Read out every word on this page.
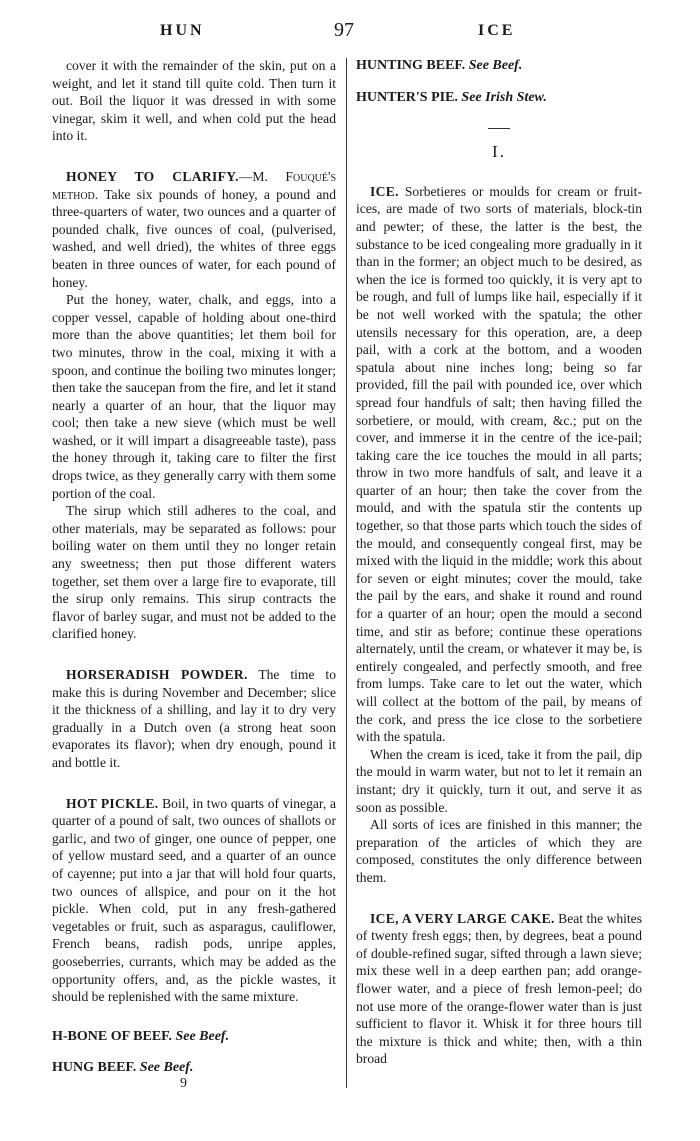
HUN	97	ICE

cover it with the remainder of the skin, put on a weight, and let it stand till quite cold. Then turn it out. Boil the liquor it was dressed in with some vinegar, skim it well, and when cold put the head into it.

HONEY TO CLARIFY.—M. Fouqué's method. Take six pounds of honey, a pound and three-quarters of water, two ounces and a quarter of pounded chalk, five ounces of coal, (pulverised, washed, and well dried), the whites of three eggs beaten in three ounces of water, for each pound of honey.

Put the honey, water, chalk, and eggs, into a copper vessel, capable of holding about one-third more than the above quantities; let them boil for two minutes, throw in the coal, mixing it with a spoon, and continue the boiling two minutes longer; then take the saucepan from the fire, and let it stand nearly a quarter of an hour, that the liquor may cool; then take a new sieve (which must be well washed, or it will impart a disagreeable taste), pass the honey through it, taking care to filter the first drops twice, as they generally carry with them some portion of the coal.

The sirup which still adheres to the coal, and other materials, may be separated as follows: pour boiling water on them until they no longer retain any sweetness; then put those different waters together, set them over a large fire to evaporate, till the sirup only remains. This sirup contracts the flavor of barley sugar, and must not be added to the clarified honey.

HORSERADISH POWDER. The time to make this is during November and December; slice it the thickness of a shilling, and lay it to dry very gradually in a Dutch oven (a strong heat soon evaporates its flavor); when dry enough, pound it and bottle it.

HOT PICKLE. Boil, in two quarts of vinegar, a quarter of a pound of salt, two ounces of shallots or garlic, and two of ginger, one ounce of pepper, one of yellow mustard seed, and a quarter of an ounce of cayenne; put into a jar that will hold four quarts, two ounces of allspice, and pour on it the hot pickle. When cold, put in any fresh-gathered vegetables or fruit, such as asparagus, cauliflower, French beans, radish pods, unripe apples, gooseberries, currants, which may be added as the opportunity offers, and, as the pickle wastes, it should be replenished with the same mixture.

H-BONE OF BEEF. See Beef.

HUNG BEEF. See Beef.

9

HUNTING BEEF. See Beef.

HUNTER'S PIE. See Irish Stew.

I.

ICE. Sorbetieres or moulds for cream or fruit-ices, are made of two sorts of materials, block-tin and pewter; of these, the latter is the best, the substance to be iced congealing more gradually in it than in the former; an object much to be desired, as when the ice is formed too quickly, it is very apt to be rough, and full of lumps like hail, especially if it be not well worked with the spatula; the other utensils necessary for this operation, are, a deep pail, with a cork at the bottom, and a wooden spatula about nine inches long; being so far provided, fill the pail with pounded ice, over which spread four handfuls of salt; then having filled the sorbetiere, or mould, with cream, &c.; put on the cover, and immerse it in the centre of the ice-pail; taking care the ice touches the mould in all parts; throw in two more handfuls of salt, and leave it a quarter of an hour; then take the cover from the mould, and with the spatula stir the contents up together, so that those parts which touch the sides of the mould, and consequently congeal first, may be mixed with the liquid in the middle; work this about for seven or eight minutes; cover the mould, take the pail by the ears, and shake it round and round for a quarter of an hour; open the mould a second time, and stir as before; continue these operations alternately, until the cream, or whatever it may be, is entirely congealed, and perfectly smooth, and free from lumps. Take care to let out the water, which will collect at the bottom of the pail, by means of the cork, and press the ice close to the sorbetiere with the spatula.

When the cream is iced, take it from the pail, dip the mould in warm water, but not to let it remain an instant; dry it quickly, turn it out, and serve it as soon as possible.

All sorts of ices are finished in this manner; the preparation of the articles of which they are composed, constitutes the only difference between them.

ICE, A VERY LARGE CAKE. Beat the whites of twenty fresh eggs; then, by degrees, beat a pound of double-refined sugar, sifted through a lawn sieve; mix these well in a deep earthen pan; add orange-flower water, and a piece of fresh lemon-peel; do not use more of the orange-flower water than is just sufficient to flavor it. Whisk it for three hours till the mixture is thick and white; then, with a thin broad
